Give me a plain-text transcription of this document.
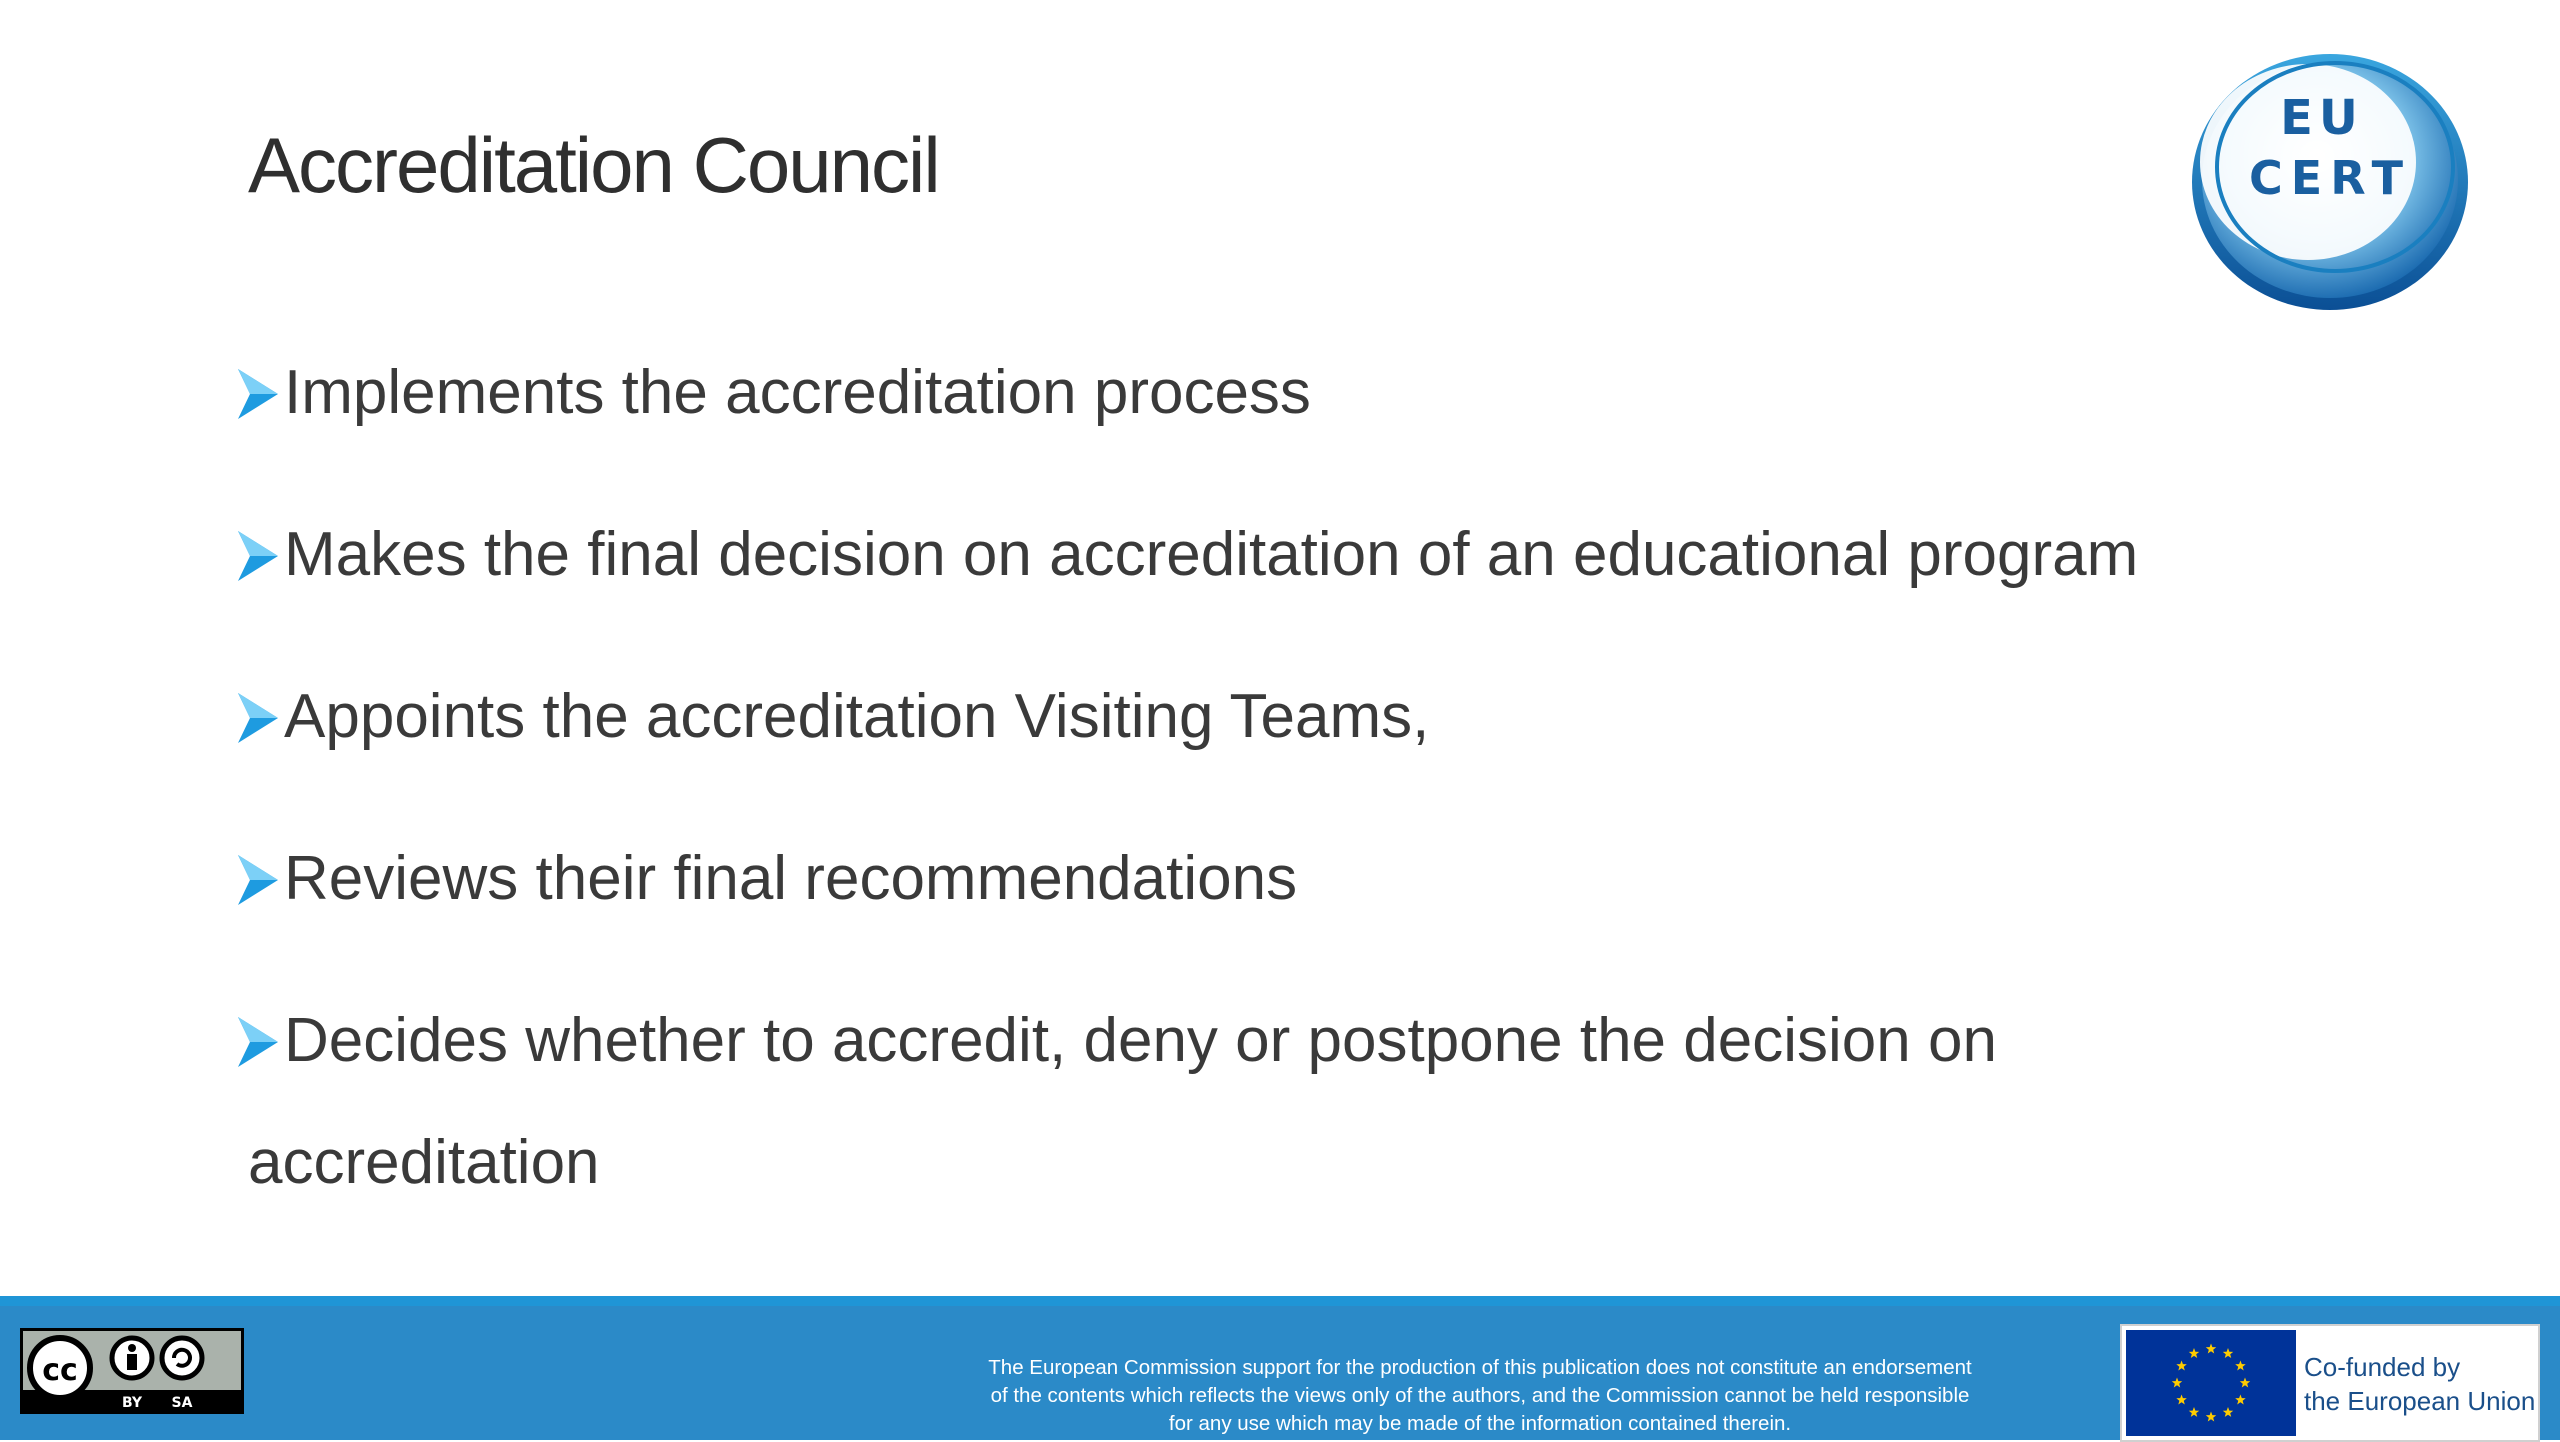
Accreditation Council
EU
CERT
Implements the accreditation process
Makes the final decision on accreditation of an educational program
Appoints the accreditation Visiting Teams,
Reviews their final recommendations
Decides whether to accredit, deny or postpone the decision on
accreditation
cc
BY SA
The European Commission support for the production of this publication does not constitute an endorsement
of the contents which reflects the views only of the authors, and the Commission cannot be held responsible
for any use which may be made of the information contained therein.
Co-funded by
the European Union
